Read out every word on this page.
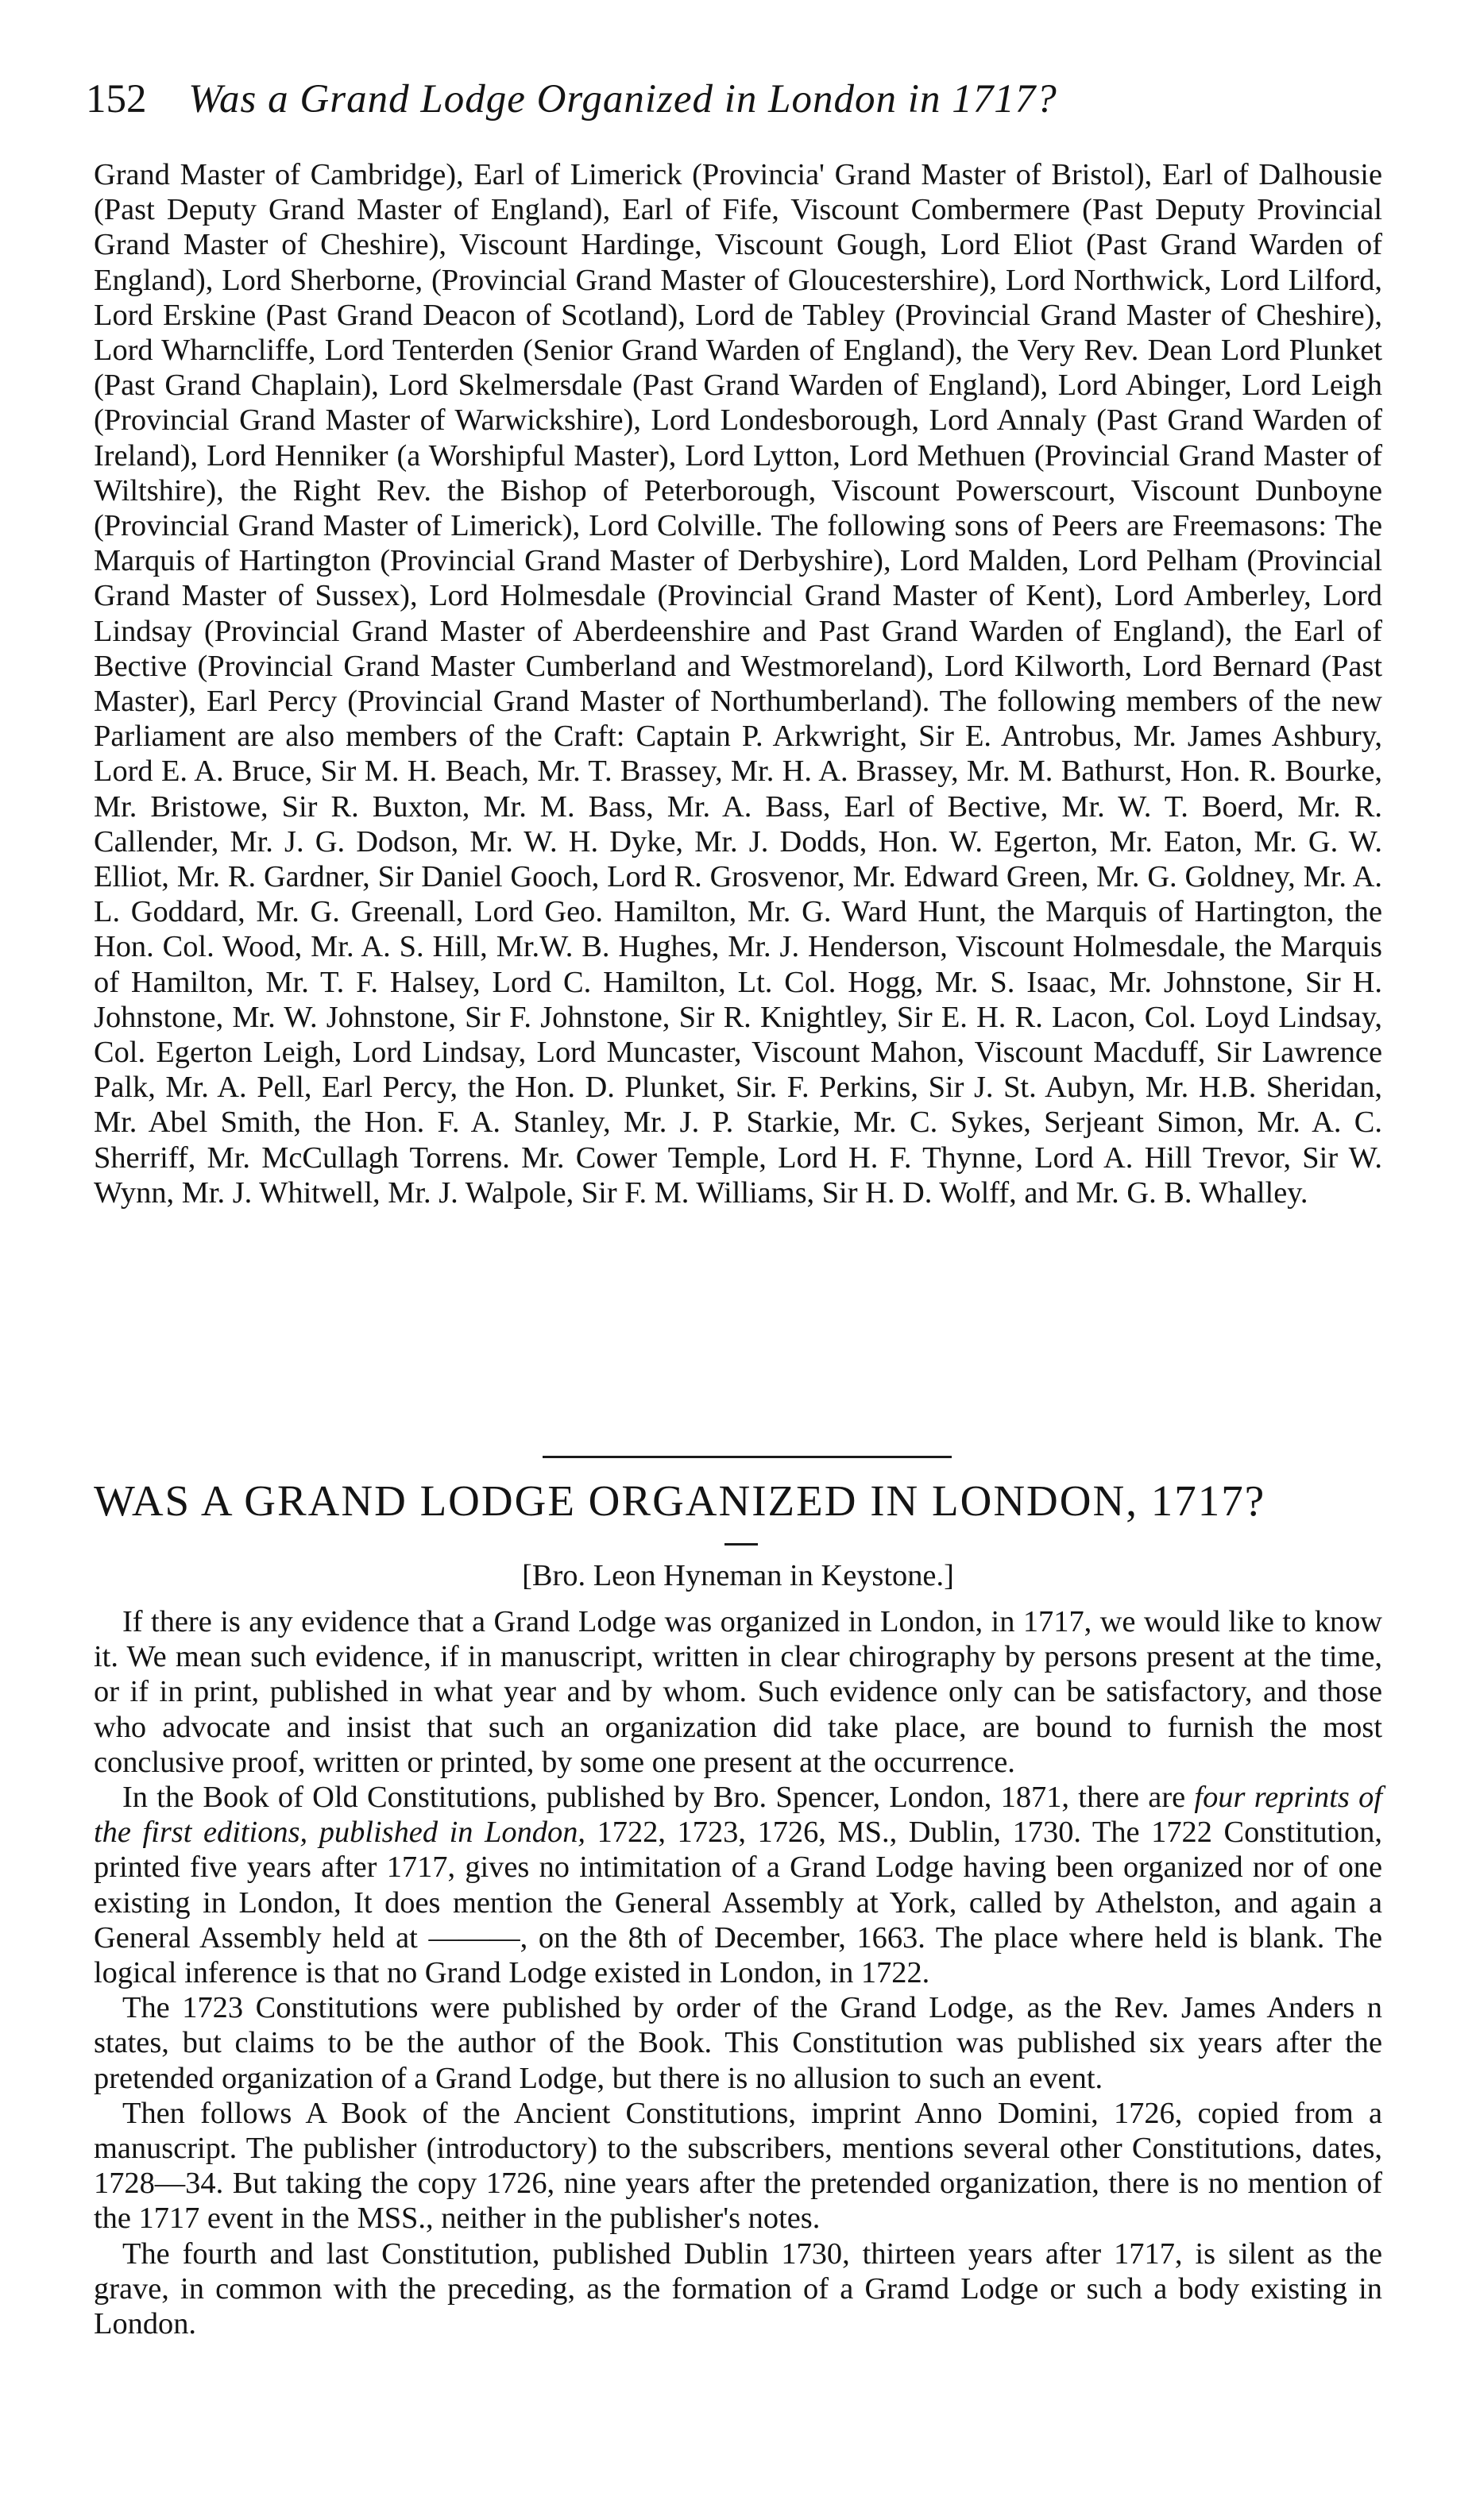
152 Was a Grand Lodge Organized in London in 1717?

Grand Master of Cambridge), Earl of Limerick (Provincia' Grand Master of Bristol), Earl of Dalhousie (Past Deputy Grand Master of England), Earl of Fife, Viscount Combermere (Past Deputy Provincial Grand Master of Cheshire), Viscount Hardinge, Viscount Gough, Lord Eliot (Past Grand Warden of England), Lord Sherborne, (Provincial Grand Master of Gloucestershire), Lord Northwick, Lord Lilford, Lord Erskine (Past Grand Deacon of Scotland), Lord de Tabley (Provincial Grand Master of Cheshire), Lord Wharncliffe, Lord Tenterden (Senior Grand Warden of England), the Very Rev. Dean Lord Plunket (Past Grand Chaplain), Lord Skelmersdale (Past Grand Warden of England), Lord Abinger, Lord Leigh (Provincial Grand Master of Warwickshire), Lord Londesborough, Lord Annaly (Past Grand Warden of Ireland), Lord Henniker (a Worshipful Master), Lord Lytton, Lord Methuen (Provincial Grand Master of Wiltshire), the Right Rev. the Bishop of Peterborough, Viscount Powerscourt, Viscount Dunboyne (Provincial Grand Master of Limerick), Lord Colville. The following sons of Peers are Freemasons: The Marquis of Hartington (Provincial Grand Master of Derbyshire), Lord Malden, Lord Pelham (Provincial Grand Master of Sussex), Lord Holmesdale (Provincial Grand Master of Kent), Lord Amberley, Lord Lindsay (Provincial Grand Master of Aberdeenshire and Past Grand Warden of England), the Earl of Bective (Provincial Grand Master Cumberland and Westmoreland), Lord Kilworth, Lord Bernard (Past Master), Earl Percy (Provincial Grand Master of Northumberland). The following members of the new Parliament are also members of the Craft: Captain P. Arkwright, Sir E. Antrobus, Mr. James Ashbury, Lord E. A. Bruce, Sir M. H. Beach, Mr. T. Brassey, Mr. H. A. Brassey, Mr. M. Bathurst, Hon. R. Bourke, Mr. Bristowe, Sir R. Buxton, Mr. M. Bass, Mr. A. Bass, Earl of Bective, Mr. W. T. Boerd, Mr. R. Callender, Mr. J. G. Dodson, Mr. W. H. Dyke, Mr. J. Dodds, Hon. W. Egerton, Mr. Eaton, Mr. G. W. Elliot, Mr. R. Gardner, Sir Daniel Gooch, Lord R. Grosvenor, Mr. Edward Green, Mr. G. Goldney, Mr. A. L. Goddard, Mr. G. Greenall, Lord Geo. Hamilton, Mr. G. Ward Hunt, the Marquis of Hartington, the Hon. Col. Wood, Mr. A. S. Hill, Mr.W. B. Hughes, Mr. J. Henderson, Viscount Holmesdale, the Marquis of Hamilton, Mr. T. F. Halsey, Lord C. Hamilton, Lt. Col. Hogg, Mr. S. Isaac, Mr. Johnstone, Sir H. Johnstone, Mr. W. Johnstone, Sir F. Johnstone, Sir R. Knightley, Sir E. H. R. Lacon, Col. Loyd Lindsay, Col. Egerton Leigh, Lord Lindsay, Lord Muncaster, Viscount Mahon, Viscount Macduff, Sir Lawrence Palk, Mr. A. Pell, Earl Percy, the Hon. D. Plunket, Sir. F. Perkins, Sir J. St. Aubyn, Mr. H.B. Sheridan, Mr. Abel Smith, the Hon. F. A. Stanley, Mr. J. P. Starkie, Mr. C. Sykes, Serjeant Simon, Mr. A. C. Sherriff, Mr. McCullagh Torrens. Mr. Cower Temple, Lord H. F. Thynne, Lord A. Hill Trevor, Sir W. Wynn, Mr. J. Whitwell, Mr. J. Walpole, Sir F. M. Williams, Sir H. D. Wolff, and Mr. G. B. Whalley.

WAS A GRAND LODGE ORGANIZED IN LONDON, 1717?

[Bro. Leon Hyneman in Keystone.]

If there is any evidence that a Grand Lodge was organized in London, in 1717, we would like to know it. We mean such evidence, if in manuscript, written in clear chirography by persons present at the time, or if in print, published in what year and by whom. Such evidence only can be satisfactory, and those who advocate and insist that such an organization did take place, are bound to furnish the most conclusive proof, written or printed, by some one present at the occurrence.

In the Book of Old Constitutions, published by Bro. Spencer, London, 1871, there are four reprints of the first editions, published in London, 1722, 1723, 1726, MS., Dublin, 1730. The 1722 Constitution, printed five years after 1717, gives no intimitation of a Grand Lodge having been organized nor of one existing in London, It does mention the General Assembly at York, called by Athelston, and again a General Assembly held at ———, on the 8th of December, 1663. The place where held is blank. The logical inference is that no Grand Lodge existed in London, in 1722.

The 1723 Constitutions were published by order of the Grand Lodge, as the Rev. James Anders n states, but claims to be the author of the Book. This Constitution was published six years after the pretended organization of a Grand Lodge, but there is no allusion to such an event.

Then follows A Book of the Ancient Constitutions, imprint Anno Domini, 1726, copied from a manuscript. The publisher (introductory) to the subscribers, mentions several other Constitutions, dates, 1728—34. But taking the copy 1726, nine years after the pretended organization, there is no mention of the 1717 event in the MSS., neither in the publisher's notes.

The fourth and last Constitution, published Dublin 1730, thirteen years after 1717, is silent as the grave, in common with the preceding, as the formation of a Gramd Lodge or such a body existing in London.
